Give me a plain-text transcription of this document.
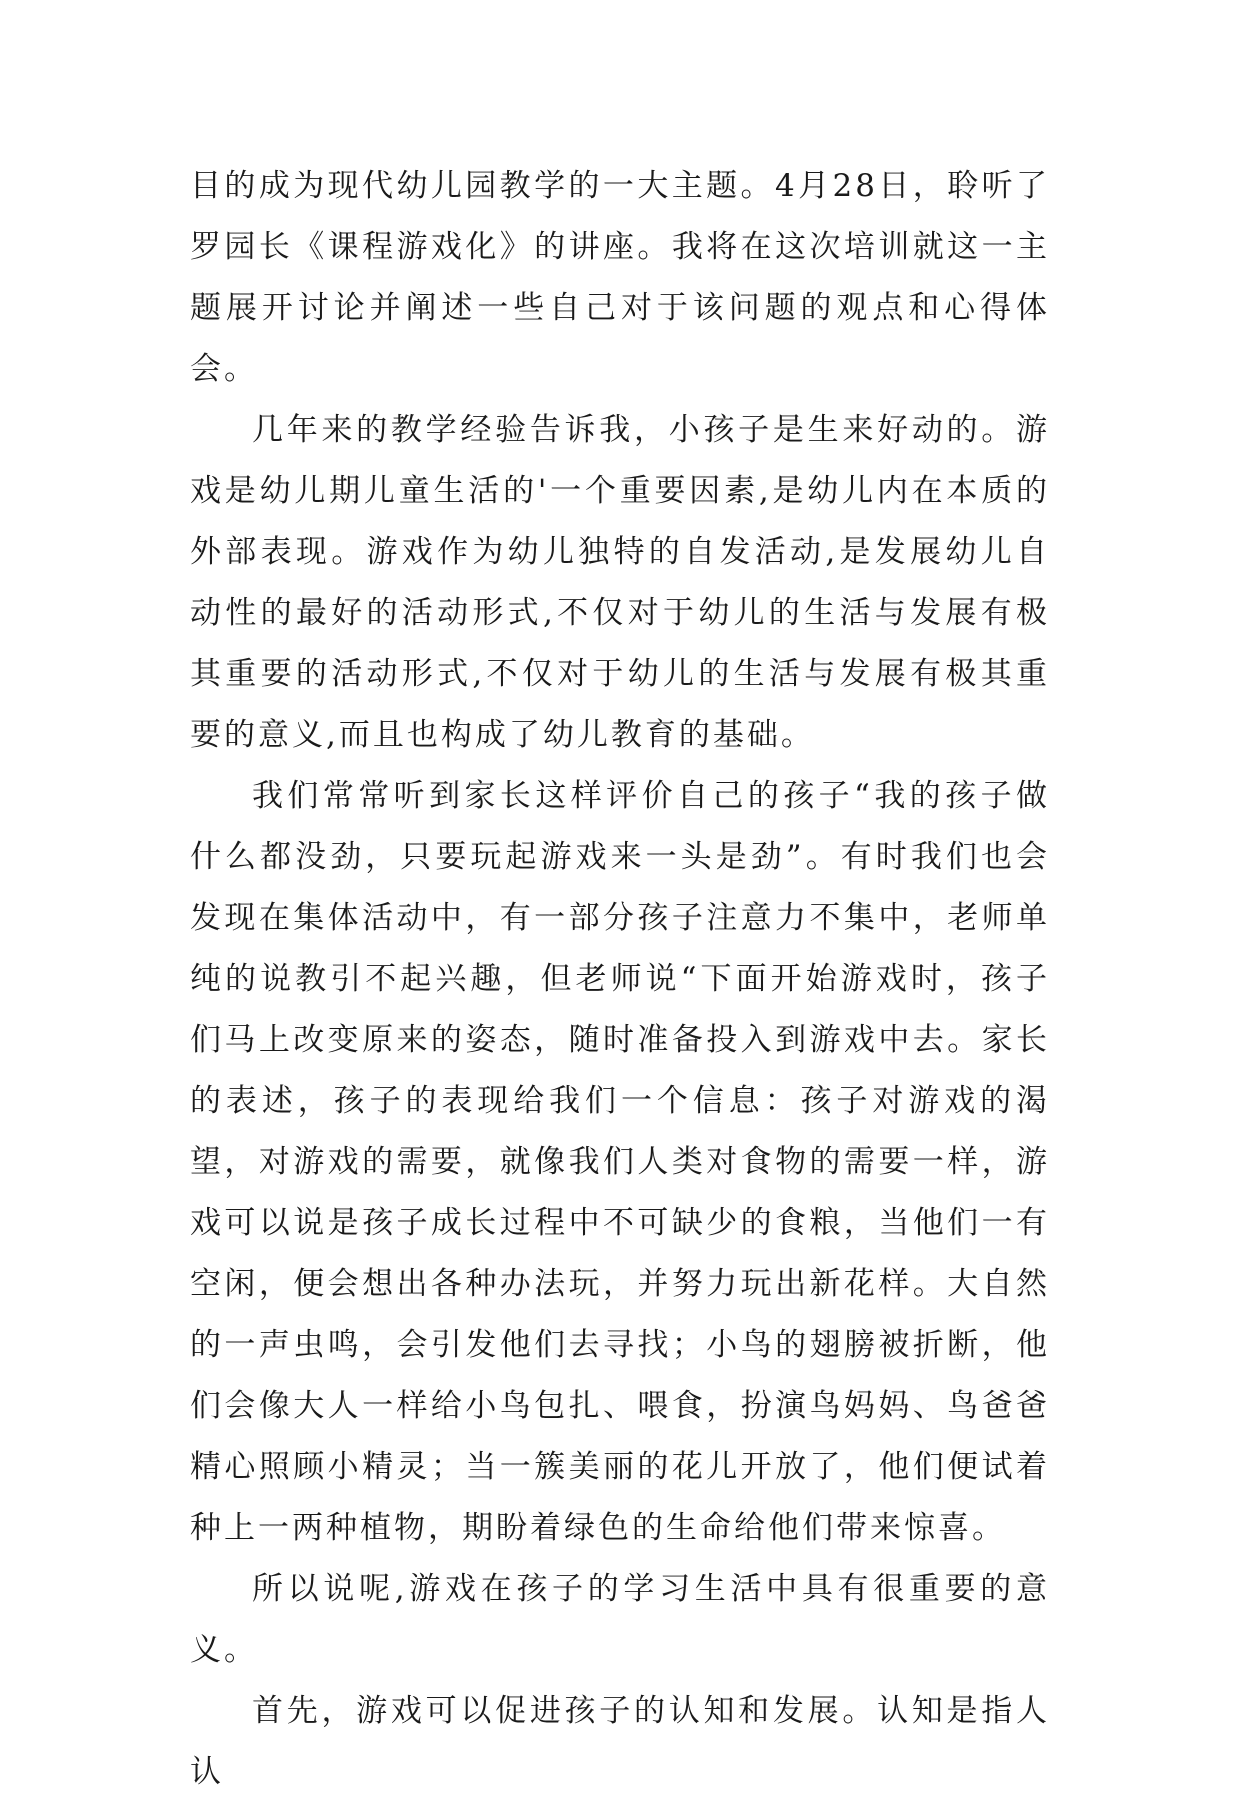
目的成为现代幼儿园教学的一大主题。4月28日，聆听了罗园长《课程游戏化》的讲座。我将在这次培训就这一主题展开讨论并阐述一些自己对于该问题的观点和心得体会。

几年来的教学经验告诉我，小孩子是生来好动的。游戏是幼儿期儿童生活的'一个重要因素,是幼儿内在本质的外部表现。游戏作为幼儿独特的自发活动,是发展幼儿自动性的最好的活动形式,不仅对于幼儿的生活与发展有极其重要的活动形式,不仅对于幼儿的生活与发展有极其重要的意义,而且也构成了幼儿教育的基础。

我们常常听到家长这样评价自己的孩子“我的孩子做什么都没劲，只要玩起游戏来一头是劲”。有时我们也会发现在集体活动中，有一部分孩子注意力不集中，老师单纯的说教引不起兴趣，但老师说“下面开始游戏时，孩子们马上改变原来的姿态，随时准备投入到游戏中去。家长的表述，孩子的表现给我们一个信息：孩子对游戏的渴望，对游戏的需要，就像我们人类对食物的需要一样，游戏可以说是孩子成长过程中不可缺少的食粮，当他们一有空闲，便会想出各种办法玩，并努力玩出新花样。大自然的一声虫鸣，会引发他们去寻找；小鸟的翅膀被折断，他们会像大人一样给小鸟包扎、喂食，扮演鸟妈妈、鸟爸爸精心照顾小精灵；当一簇美丽的花儿开放了，他们便试着种上一两种植物，期盼着绿色的生命给他们带来惊喜。

所以说呢,游戏在孩子的学习生活中具有很重要的意义。

首先，游戏可以促进孩子的认知和发展。认知是指人认
